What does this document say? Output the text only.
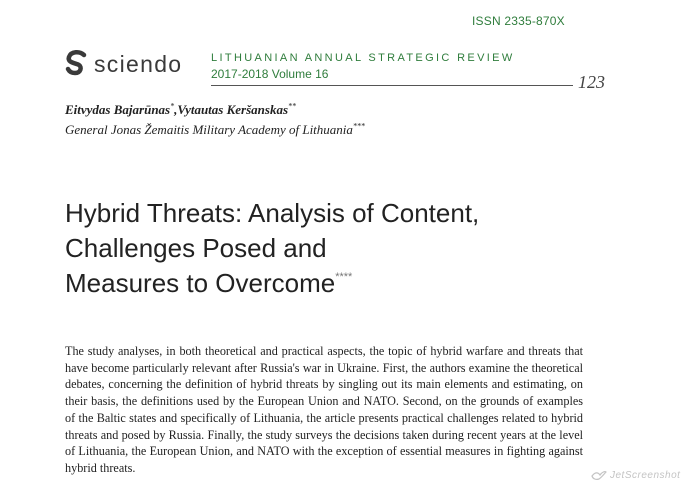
ISSN 2335-870X
sciendo	LITHUANIAN ANNUAL STRATEGIC REVIEW
2017-2018 Volume 16	123
Eitvydas Bajarūnas*,Vytautas Keršanskas**
General Jonas Žemaitis Military Academy of Lithuania***
Hybrid Threats: Analysis of Content,
Challenges Posed and
Measures to Overcome****

The study analyses, in both theoretical and practical aspects, the topic of hybrid warfare and threats that have become particularly relevant after Russia's war in Ukraine. First, the authors examine the theoretical debates, concerning the definition of hybrid threats by singling out its main elements and estimating, on their basis, the definitions used by the European Union and NATO. Second, on the grounds of examples of the Baltic states and specifically of Lithuania, the article presents practical challenges related to hybrid threats and posed by Russia. Finally, the study surveys the decisions taken during recent years at the level of Lithuania, the European Union, and NATO with the exception of essential measures in fighting against hybrid threats.

JetScreenshot
